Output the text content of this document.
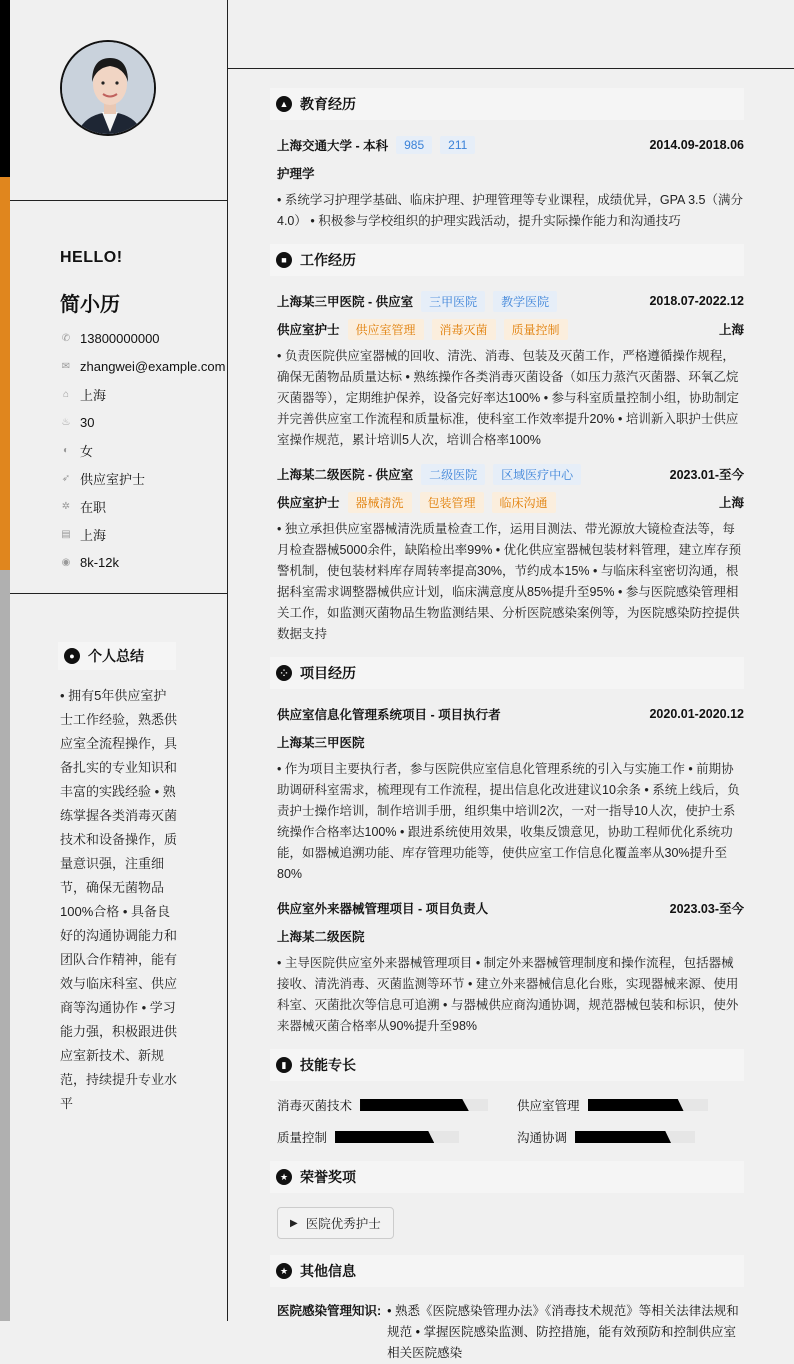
HELLO!
简小历
✆ 13800000000
✉ zhangwei@example.com
⌂ 上海
♨ 30
◐ 女
➶ 供应室护士
✲ 在职
▤ 上海
◉ 8k-12k
● 个人总结
• 拥有5年供应室护士工作经验，熟悉供应室全流程操作，具备扎实的专业知识和丰富的实践经验 • 熟练掌握各类消毒灭菌技术和设备操作，质量意识强，注重细节，确保无菌物品100%合格 • 具备良好的沟通协调能力和团队合作精神，能有效与临床科室、供应商等沟通协作 • 学习能力强，积极跟进供应室新技术、新规范，持续提升专业水平
▲ 教育经历
上海交通大学 - 本科	985	211	2014.09-2018.06
护理学
• 系统学习护理学基础、临床护理、护理管理等专业课程，成绩优异，GPA 3.5（满分4.0） • 积极参与学校组织的护理实践活动，提升实际操作能力和沟通技巧
■ 工作经历
上海某三甲医院 - 供应室	三甲医院	教学医院	2018.07-2022.12
供应室护士	供应室管理	消毒灭菌	质量控制	上海
• 负责医院供应室器械的回收、清洗、消毒、包装及灭菌工作，严格遵循操作规程，确保无菌物品质量达标 • 熟练操作各类消毒灭菌设备（如压力蒸汽灭菌器、环氧乙烷灭菌器等），定期维护保养，设备完好率达100% • 参与科室质量控制小组，协助制定并完善供应室工作流程和质量标准，使科室工作效率提升20% • 培训新入职护士供应室操作规范，累计培训5人次，培训合格率100%
上海某二级医院 - 供应室	二级医院	区域医疗中心	2023.01-至今
供应室护士	器械清洗	包装管理	临床沟通	上海
• 独立承担供应室器械清洗质量检查工作，运用目测法、带光源放大镜检查法等，每月检查器械5000余件，缺陷检出率99% • 优化供应室器械包装材料管理，建立库存预警机制，使包装材料库存周转率提高30%，节约成本15% • 与临床科室密切沟通，根据科室需求调整器械供应计划，临床满意度从85%提升至95% • 参与医院感染管理相关工作，如监测灭菌物品生物监测结果、分析医院感染案例等，为医院感染防控提供数据支持
⁘ 项目经历
供应室信息化管理系统项目 - 项目执行者	2020.01-2020.12
上海某三甲医院
• 作为项目主要执行者，参与医院供应室信息化管理系统的引入与实施工作 • 前期协助调研科室需求，梳理现有工作流程，提出信息化改进建议10余条 • 系统上线后，负责护士操作培训，制作培训手册，组织集中培训2次，一对一指导10人次，使护士系统操作合格率达100% • 跟进系统使用效果，收集反馈意见，协助工程师优化系统功能，如器械追溯功能、库存管理功能等，使供应室工作信息化覆盖率从30%提升至80%
供应室外来器械管理项目 - 项目负责人	2023.03-至今
上海某二级医院
• 主导医院供应室外来器械管理项目 • 制定外来器械管理制度和操作流程，包括器械接收、清洗消毒、灭菌监测等环节 • 建立外来器械信息化台账，实现器械来源、使用科室、灭菌批次等信息可追溯 • 与器械供应商沟通协调，规范器械包装和标识，使外来器械灭菌合格率从90%提升至98%
▮ 技能专长
消毒灭菌技术	供应室管理
质量控制	沟通协调
★ 荣誉奖项
▶ 医院优秀护士
★ 其他信息
医院感染管理知识: • 熟悉《医院感染管理办法》《消毒技术规范》等相关法律法规和规范 • 掌握医院感染监测、防控措施，能有效预防和控制供应室相关医院感染
